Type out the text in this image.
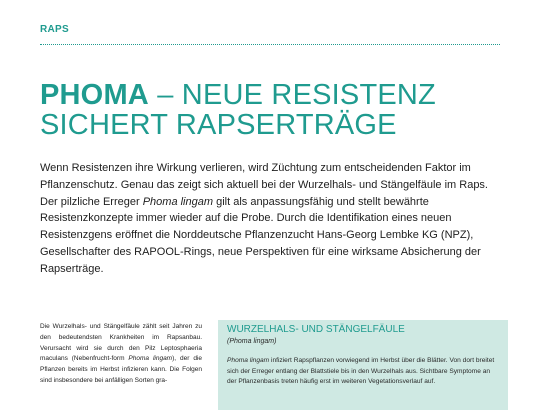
RAPS
PHOMA – NEUE RESISTENZ
SICHERT RAPSERTRÄGE

Wenn Resistenzen ihre Wirkung verlieren, wird Züchtung zum entscheidenden Faktor im Pflanzenschutz. Genau das zeigt sich aktuell bei der Wurzelhals- und Stängelfäule im Raps. Der pilzliche Erreger Phoma lingam gilt als anpassungsfähig und stellt bewährte Resistenzkonzepte immer wieder auf die Probe. Durch die Identifikation eines neuen Resistenzgens eröffnet die Norddeutsche Pflanzenzucht Hans-Georg Lembke KG (NPZ), Gesellschafter des RAPOOL-Rings, neue Perspektiven für eine wirksame Absicherung der Rapserträge.

Die Wurzelhals- und Stängelfäule zählt seit Jahren zu den bedeutendsten Krankheiten im Rapsanbau. Verursacht wird sie durch den Pilz Leptosphaeria maculans (Nebenfrucht-form Phoma lingam), der die Pflanzen bereits im Herbst infizieren kann. Die Folgen sind insbesondere bei anfälligen Sorten gra-

WURZELHALS- UND STÄNGELFÄULE

(Phoma lingam)

Phoma lingam infiziert Rapspflanzen vorwiegend im Herbst über die Blätter. Von dort breitet sich der Erreger entlang der Blattstiele bis in den Wurzelhals aus. Sichtbare Symptome an der Pflanzenbasis treten häufig erst im weiteren Vegetationsverlauf auf.
